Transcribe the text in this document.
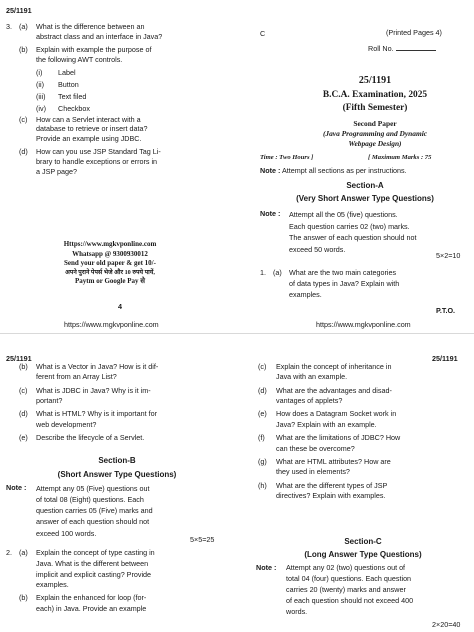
25/1191
3. (a)	What is the difference between an
abstract class and an interface in Java?
(b)	Explain with example the purpose of
the following AWT controls.
(i)	Label
(ii)	Button
(iii)	Text filed
(iv)	Checkbox
(c)	How can a Servlet interact with a
database to retrieve or insert data?
Provide an example using JDBC.
(d)	How can you use JSP Standard Tag Li-
brary to handle exceptions or errors in
a JSP page?
Https://www.mgkvponline.com
Whatsapp @ 9300930012
Send your old paper & get 10/-
अपने पुराने पेपर्स भेजे और 10 रुपये पायें,
Paytm or Google Pay से
4
https://www.mgkvponline.com
C	(Printed Pages 4)
Roll No.
25/1191
B.C.A. Examination, 2025
(Fifth Semester)
Second Paper
(Java Programming and Dynamic
Webpage Design)
Time : Two Hours ]	[ Maximum Marks : 75
Note : Attempt all sections as per instructions.
Section-A
(Very Short Answer Type Questions)
Note :	Attempt all the 05 (five) questions.
Each question carries 02 (two) marks.
The answer of each question should not
exceed 50 words.
5×2=10
1. (a)	What are the two main categories
of data types in Java? Explain with
examples.
P.T.O.
https://www.mgkvponline.com
25/1191
(b)	What is a Vector in Java? How is it dif-
ferent from an Array List?
(c)	What is JDBC in Java? Why is it im-
portant?
(d)	What is HTML? Why is it important for
web development?
(e)	Describe the lifecycle of a Servlet.
Section-B
(Short Answer Type Questions)
Note :	Attempt any 05 (Five) questions out
of total 08 (Eight) questions. Each
question carries 05 (Five) marks and
answer of each question should not
exceed 100 words.
5×5=25
2. (a)	Explain the concept of type casting in
Java. What is the different between
implicit and explicit casting? Provide
examples.
(b)	Explain the enhanced for loop (for-
each) in Java. Provide an example
25/1191
(c)	Explain the concept of inheritance in
Java with an example.
(d)	What are the advantages and disad-
vantages of applets?
(e)	How does a Datagram Socket work in
Java? Explain with an example.
(f)	What are the limitations of JDBC? How
can these be overcome?
(g)	What are HTML attributes? How are
they used in elements?
(h)	What are the different types of JSP
directives? Explain with examples.
Section-C
(Long Answer Type Questions)
Note :	Attempt any 02 (two) questions out of
total 04 (four) questions. Each question
carries 20 (twenty) marks and answer
of each question should not exceed 400
words.
2×20=40
